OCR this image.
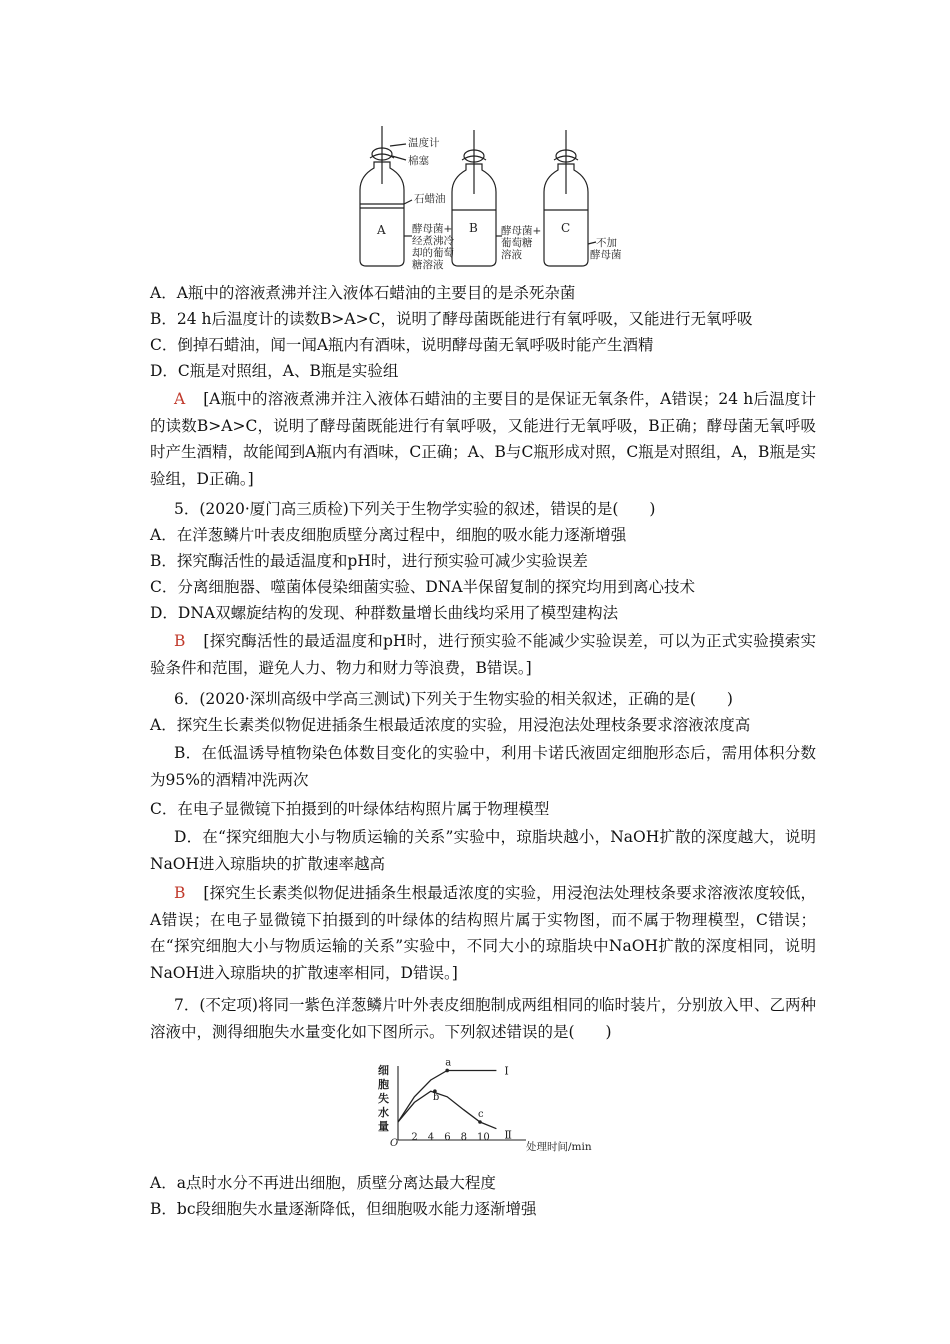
温度计
棉塞
石蜡油
A	B	C
酵母菌+
经煮沸冷
却的葡萄
糖溶液
酵母菌+
葡萄糖
溶液
不加
酵母菌
A．A瓶中的溶液煮沸并注入液体石蜡油的主要目的是杀死杂菌
B．24 h后温度计的读数B>A>C，说明了酵母菌既能进行有氧呼吸，又能进行无氧呼吸
C．倒掉石蜡油，闻一闻A瓶内有酒味，说明酵母菌无氧呼吸时能产生酒精
D．C瓶是对照组，A、B瓶是实验组
A [A瓶中的溶液煮沸并注入液体石蜡油的主要目的是保证无氧条件，A错误；24 h后温度计的读数B>A>C，说明了酵母菌既能进行有氧呼吸，又能进行无氧呼吸，B正确；酵母菌无氧呼吸时产生酒精，故能闻到A瓶内有酒味，C正确；A、B与C瓶形成对照，C瓶是对照组，A，B瓶是实验组，D正确。]
5．(2020·厦门高三质检)下列关于生物学实验的叙述，错误的是(　　)
A．在洋葱鳞片叶表皮细胞质壁分离过程中，细胞的吸水能力逐渐增强
B．探究酶活性的最适温度和pH时，进行预实验可减少实验误差
C．分离细胞器、噬菌体侵染细菌实验、DNA半保留复制的探究均用到离心技术
D．DNA双螺旋结构的发现、种群数量增长曲线均采用了模型建构法
B [探究酶活性的最适温度和pH时，进行预实验不能减少实验误差，可以为正式实验摸索实验条件和范围，避免人力、物力和财力等浪费，B错误。]
6．(2020·深圳高级中学高三测试)下列关于生物实验的相关叙述，正确的是(　　)
A．探究生长素类似物促进插条生根最适浓度的实验，用浸泡法处理枝条要求溶液浓度高
B．在低温诱导植物染色体数目变化的实验中，利用卡诺氏液固定细胞形态后，需用体积分数为95%的酒精冲洗两次
C．在电子显微镜下拍摄到的叶绿体结构照片属于物理模型
D．在“探究细胞大小与物质运输的关系”实验中，琼脂块越小，NaOH扩散的深度越大，说明NaOH进入琼脂块的扩散速率越高
B [探究生长素类似物促进插条生根最适浓度的实验，用浸泡法处理枝条要求溶液浓度较低，A错误；在电子显微镜下拍摄到的叶绿体的结构照片属于实物图，而不属于物理模型，C错误；在“探究细胞大小与物质运输的关系”实验中，不同大小的琼脂块中NaOH扩散的深度相同，说明NaOH进入琼脂块的扩散速率相同，D错误。]
7．(不定项)将同一紫色洋葱鳞片叶外表皮细胞制成两组相同的临时装片，分别放入甲、乙两种溶液中，测得细胞失水量变化如下图所示。下列叙述错误的是(　　)
细
胞
失
水
量
O	处理时间/min
2 4 6 8 10
Ⅰ
Ⅱ
a
b
c
A．a点时水分不再进出细胞，质壁分离达最大程度
B．bc段细胞失水量逐渐降低，但细胞吸水能力逐渐增强
